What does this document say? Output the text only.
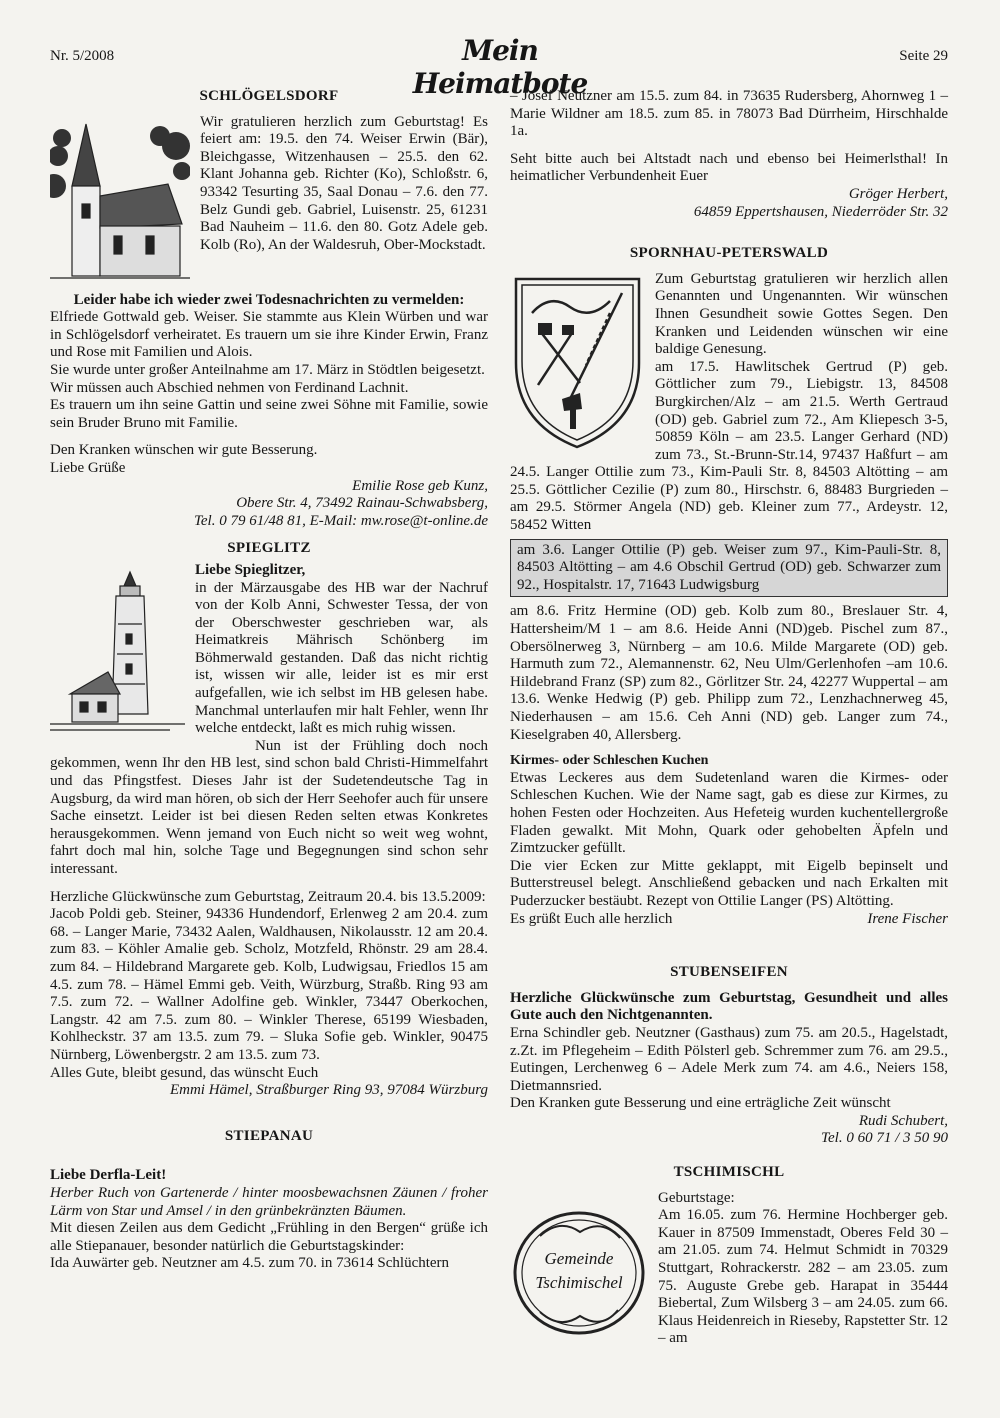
Nr. 5/2008	Mein Heimatbote
Seite 29
SCHLÖGELSDORF

Wir gratulieren herzlich zum Geburtstag! Es feiert am: 19.5. den 74. Weiser Erwin (Bär), Bleichgasse, Witzenhausen – 25.5. den 62. Klant Johanna geb. Richter (Ko), Schloßstr. 6, 93342 Tesurting 35, Saal Donau – 7.6. den 77. Belz Gundi geb. Gabriel, Luisenstr. 25, 61231 Bad Nauheim – 11.6. den 80. Gotz Adele geb. Kolb (Ro), An der Waldesruh, Ober-Mockstadt.

Leider habe ich wieder zwei Todesnachrichten zu vermelden:

Elfriede Gottwald geb. Weiser. Sie stammte aus Klein Würben und war in Schlögelsdorf verheiratet. Es trauern um sie ihre Kinder Erwin, Franz und Rose mit Familien und Alois.

Sie wurde unter großer Anteilnahme am 17. März in Stödtlen beigesetzt.

Wir müssen auch Abschied nehmen von Ferdinand Lachnit.

Es trauern um ihn seine Gattin und seine zwei Söhne mit Familie, sowie sein Bruder Bruno mit Familie.

Den Kranken wünschen wir gute Besserung.

Liebe Grüße

Emilie Rose geb Kunz,

Obere Str. 4, 73492 Rainau-Schwabsberg,

Tel. 0 79 61/48 81, E-Mail: mw.rose@t-online.de

SPIEGLITZ

Liebe Spieglitzer,

in der Märzausgabe des HB war der Nachruf von der Kolb Anni, Schwester Tessa, der von der Oberschwester geschrieben war, als Heimatkreis Mährisch Schönberg im Böhmerwald gestanden. Daß das nicht richtig ist, wissen wir alle, leider ist es mir erst aufgefallen, wie ich selbst im HB gelesen habe. Manchmal unterlaufen mir halt Fehler, wenn Ihr welche entdeckt, laßt es mich ruhig wissen.

Nun ist der Frühling doch noch gekommen, wenn Ihr den HB lest, sind schon bald Christi-Himmelfahrt und das Pfingstfest. Dieses Jahr ist der Sudetendeutsche Tag in Augsburg, da wird man hören, ob sich der Herr Seehofer auch für unsere Sache einsetzt. Leider ist bei diesen Reden selten etwas Konkretes herausgekommen. Wenn jemand von Euch nicht so weit weg wohnt, fahrt doch mal hin, solche Tage und Begegnungen sind schon sehr interessant.

Herzliche Glückwünsche zum Geburtstag, Zeitraum 20.4. bis 13.5.2009:

Jacob Poldi geb. Steiner, 94336 Hundendorf, Erlenweg 2 am 20.4. zum 68. – Langer Marie, 73432 Aalen, Waldhausen, Nikolausstr. 12 am 20.4. zum 83. – Köhler Amalie geb. Scholz, Motzfeld, Rhönstr. 29 am 28.4. zum 84. – Hildebrand Margarete geb. Kolb, Ludwigsau, Friedlos 15 am 4.5. zum 78. – Hämel Emmi geb. Veith, Würzburg, Straßb. Ring 93 am 7.5. zum 72. – Wallner Adolfine geb. Winkler, 73447 Oberkochen, Langstr. 42 am 7.5. zum 80. – Winkler Therese, 65199 Wiesbaden, Kohlheckstr. 37 am 13.5. zum 79. – Sluka Sofie geb. Winkler, 90475 Nürnberg, Löwenbergstr. 2 am 13.5. zum 73.

Alles Gute, bleibt gesund, das wünscht Euch

Emmi Hämel, Straßburger Ring 93, 97084 Würzburg

STIEPANAU

Liebe Derfla-Leit!

Herber Ruch von Gartenerde / hinter moosbewachsnen Zäunen / froher Lärm von Star und Amsel / in den grünbekränzten Bäumen.

Mit diesen Zeilen aus dem Gedicht „Frühling in den Bergen“ grüße ich alle Stiepanauer, besonder natürlich die Geburtstagskinder:

Ida Auwärter geb. Neutzner am 4.5. zum 70. in 73614 Schlüchtern

– Josef Neutzner am 15.5. zum 84. in 73635 Rudersberg, Ahornweg 1 – Marie Wildner am 18.5. zum 85. in 78073 Bad Dürrheim, Hirschhalde 1a.

Seht bitte auch bei Altstadt nach und ebenso bei Heimerlsthal! In heimatlicher Verbundenheit Euer

Gröger Herbert,

64859 Eppertshausen, Niederröder Str. 32

SPORNHAU-PETERSWALD

Zum Geburtstag gratulieren wir herzlich allen Genannten und Ungenannten. Wir wünschen Ihnen Gesundheit sowie Gottes Segen. Den Kranken und Leidenden wünschen wir eine baldige Genesung.

am 17.5. Hawlitschek Gertrud (P) geb. Göttlicher zum 79., Liebigstr. 13, 84508 Burgkirchen/Alz – am 21.5. Werth Gertraud (OD) geb. Gabriel zum 72., Am Kliepesch 3-5, 50859 Köln – am 23.5. Langer Gerhard (ND) zum 73., St.-Brunn-Str.14, 97437 Haßfurt – am 24.5. Langer Ottilie zum 73., Kim-Pauli Str. 8, 84503 Altötting – am 25.5. Göttlicher Cezilie (P) zum 80., Hirschstr. 6, 88483 Burgrieden – am 29.5. Störmer Angela (ND) geb. Kleiner zum 77., Ardeystr. 12, 58452 Witten

am 3.6. Langer Ottilie (P) geb. Weiser zum 97., Kim-Pauli-Str. 8, 84503 Altötting – am 4.6 Obschil Gertrud (OD) geb. Schwarzer zum 92., Hospitalstr. 17, 71643 Ludwigsburg

am 8.6. Fritz Hermine (OD) geb. Kolb zum 80., Breslauer Str. 4, Hattersheim/M 1 – am 8.6. Heide Anni (ND)geb. Pischel zum 87., Obersölnerweg 3, Nürnberg – am 10.6. Milde Margarete (OD) geb. Harmuth zum 72., Alemannenstr. 62, Neu Ulm/Gerlenhofen –am 10.6. Hildebrand Franz (SP) zum 82., Görlitzer Str. 24, 42277 Wuppertal – am 13.6. Wenke Hedwig (P) geb. Philipp zum 72., Lenzhachnerweg 45, Niederhausen – am 15.6. Ceh Anni (ND) geb. Langer zum 74., Kieselgraben 40, Allersberg.

Kirmes- oder Schleschen Kuchen

Etwas Leckeres aus dem Sudetenland waren die Kirmes- oder Schleschen Kuchen. Wie der Name sagt, gab es diese zur Kirmes, zu hohen Festen oder Hochzeiten. Aus Hefeteig wurden kuchentellergroße Fladen gewalkt. Mit Mohn, Quark oder gehobelten Äpfeln und Zimtzucker gefüllt.

Die vier Ecken zur Mitte geklappt, mit Eigelb bepinselt und Butterstreusel belegt. Anschließend gebacken und nach Erkalten mit Puderzucker bestäubt. Rezept von Ottilie Langer (PS) Altötting.

Es grüßt Euch alle herzlich	Irene Fischer

STUBENSEIFEN

Herzliche Glückwünsche zum Geburtstag, Gesundheit und alles Gute auch den Nichtgenannten.

Erna Schindler geb. Neutzner (Gasthaus) zum 75. am 20.5., Hagelstadt, z.Zt. im Pflegeheim – Edith Pölsterl geb. Schremmer zum 76. am 29.5., Eutingen, Lerchenweg 6 – Adele Merk zum 74. am 4.6., Neiers 158, Dietmannsried.

Den Kranken gute Besserung und eine erträgliche Zeit wünscht

Rudi Schubert,

Tel. 0 60 71 / 3 50 90

TSCHIMISCHL
Gemeinde
Tschimischel

Geburtstage:

Am 16.05. zum 76. Hermine Hochberger geb. Kauer in 87509 Immenstadt, Oberes Feld 30 – am 21.05. zum 74. Helmut Schmidt in 70329 Stuttgart, Rohrackerstr. 282 – am 23.05. zum 75. Auguste Grebe geb. Harapat in 35444 Biebertal, Zum Wilsberg 3 – am 24.05. zum 66. Klaus Heidenreich in Rieseby, Rapstetter Str. 12 – am
